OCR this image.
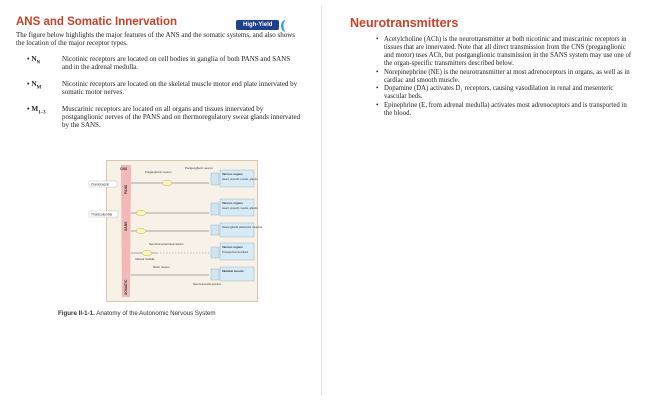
ANS and Somatic Innervation	High-Yield (((

The figure below highlights the major features of the ANS and the somatic systems, and also shows the location of the major receptor types.

• $N_N$	Nicotinic receptors are located on cell bodies in ganglia of both PANS and SANS and in the adrenal medulla.
• $N_M$	Nicotinic receptors are located on the skeletal muscle motor end plate innervated by somatic motor nerves.
• $M_{1-3}$	Muscarinic receptors are located on all organs and tissues innervated by postganglionic nerves of the PANS and on thermoregulatory sweat glands innervated by the SANS.
CNS
PANS
SANS
SOMATIC
Craniosacral
Thoracolumbar
Preganglionic neuron
Postganglionic neuron
Various organs
Heart, smooth muscle, glands
Various organs
Heart, smooth muscle, glands
Sweat glands piloerector muscles
Neurohormonal transmission
Adrenal medulla
Various organs
Transported via blood
Motor neuron
Skeletal muscle
Neuromuscular junction

Figure II-1-1. Anatomy of the Autonomic Nervous System

Neurotransmitters
• Acetylcholine (ACh) is the neurotransmitter at both nicotinic and muscarinic receptors in tissues that are innervated. Note that all direct transmission from the CNS (preganglionic and motor) uses ACh, but postganglionic transmission in the SANS system may use one of the organ-specific transmitters described below.
• Norepinephrine (NE) is the neurotransmitter at most adrenoceptors in organs, as well as in cardiac and smooth muscle.
• Dopamine (DA) activates D₁ receptors, causing vasodilation in renal and mesenteric vascular beds.
• Epinephrine (E, from adrenal medulla) activates most adrenoceptors and is transported in the blood.
